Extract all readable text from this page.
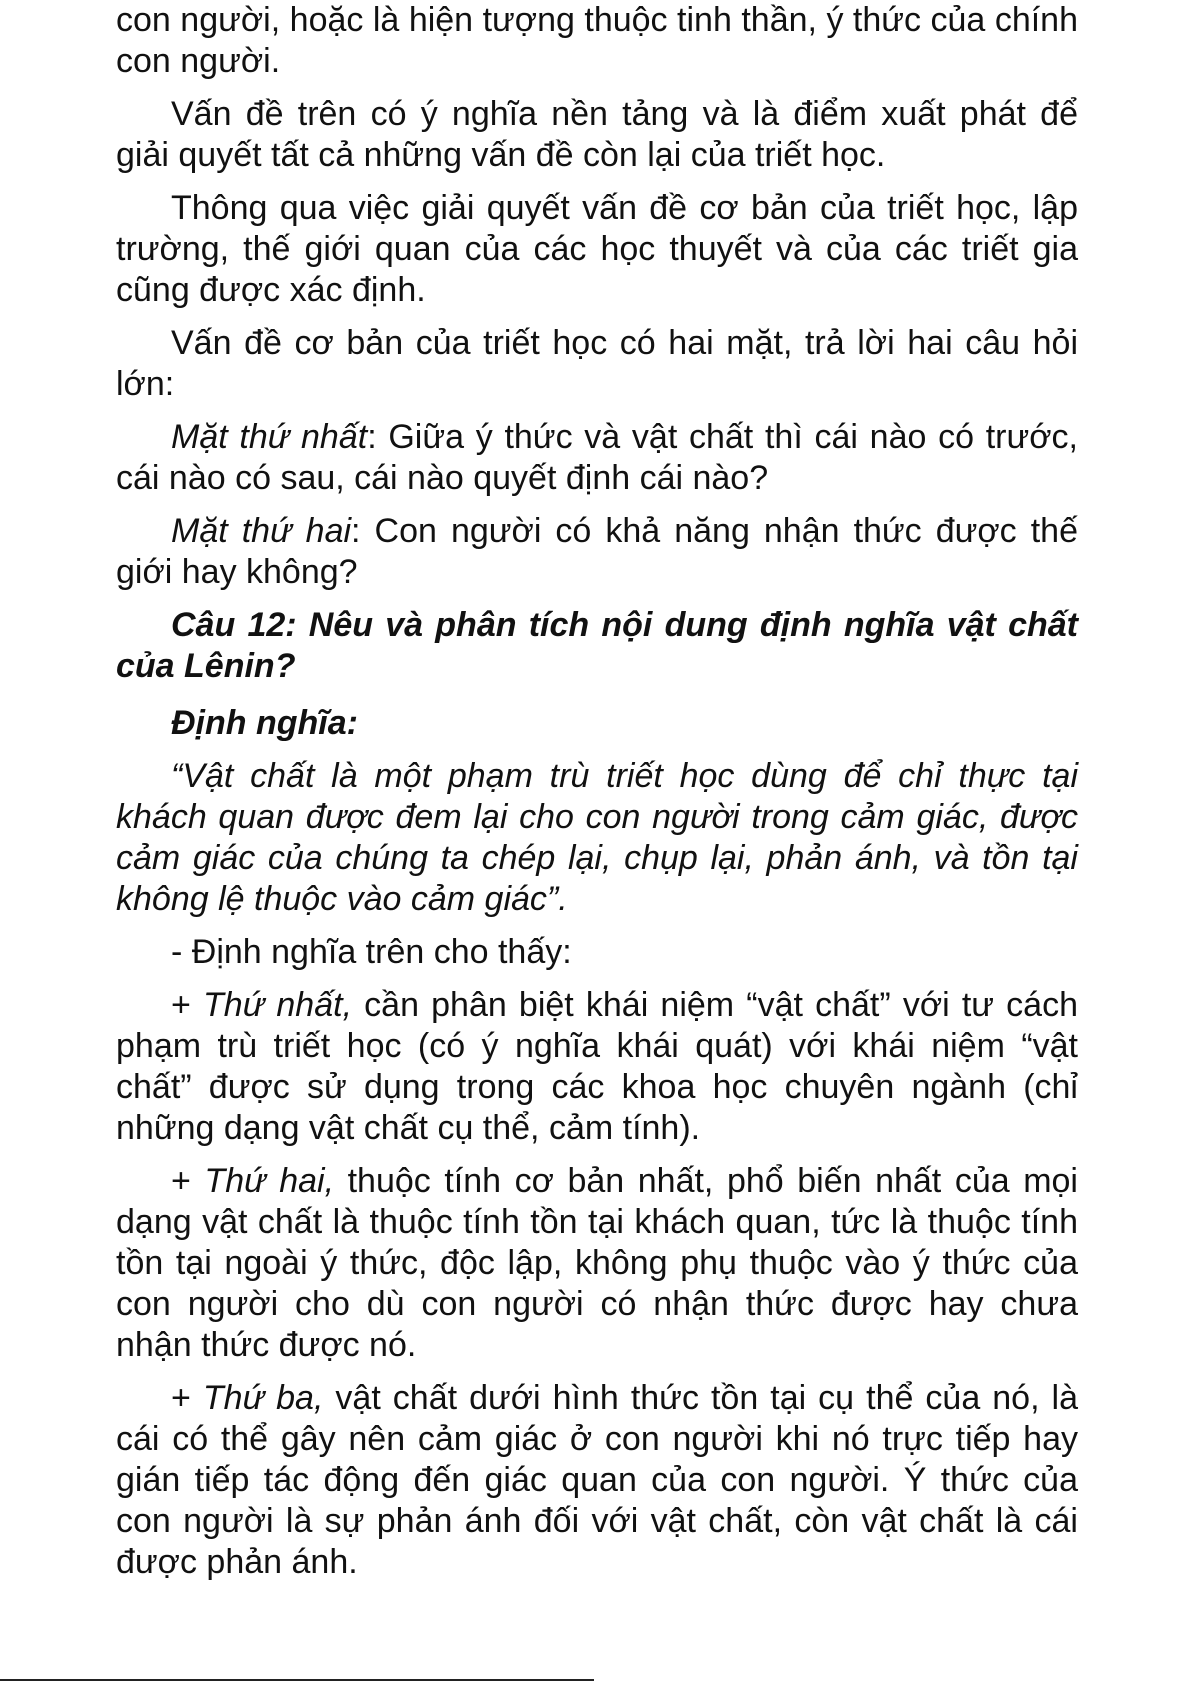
con người, hoặc là hiện tượng thuộc tinh thần, ý thức của chính con người.

Vấn đề trên có ý nghĩa nền tảng và là điểm xuất phát để giải quyết tất cả những vấn đề còn lại của triết học.

Thông qua việc giải quyết vấn đề cơ bản của triết học, lập trường, thế giới quan của các học thuyết và của các triết gia cũng được xác định.

Vấn đề cơ bản của triết học có hai mặt, trả lời hai câu hỏi lớn:

Mặt thứ nhất: Giữa ý thức và vật chất thì cái nào có trước, cái nào có sau, cái nào quyết định cái nào?

Mặt thứ hai: Con người có khả năng nhận thức được thế giới hay không?

Câu 12: Nêu và phân tích nội dung định nghĩa vật chất của Lênin?

Định nghĩa:

“Vật chất là một phạm trù triết học dùng để chỉ thực tại khách quan được đem lại cho con người trong cảm giác, được cảm giác của chúng ta chép lại, chụp lại, phản ánh, và tồn tại không lệ thuộc vào cảm giác”.

- Định nghĩa trên cho thấy:

+ Thứ nhất, cần phân biệt khái niệm “vật chất” với tư cách phạm trù triết học (có ý nghĩa khái quát) với khái niệm “vật chất” được sử dụng trong các khoa học chuyên ngành (chỉ những dạng vật chất cụ thể, cảm tính).

+ Thứ hai, thuộc tính cơ bản nhất, phổ biến nhất của mọi dạng vật chất là thuộc tính tồn tại khách quan, tức là thuộc tính tồn tại ngoài ý thức, độc lập, không phụ thuộc vào ý thức của con người cho dù con người có nhận thức được hay chưa nhận thức được nó.

+ Thứ ba, vật chất dưới hình thức tồn tại cụ thể của nó, là cái có thể gây nên cảm giác ở con người khi nó trực tiếp hay gián tiếp tác động đến giác quan của con người. Ý thức của con người là sự phản ánh đối với vật chất, còn vật chất là cái được phản ánh.
